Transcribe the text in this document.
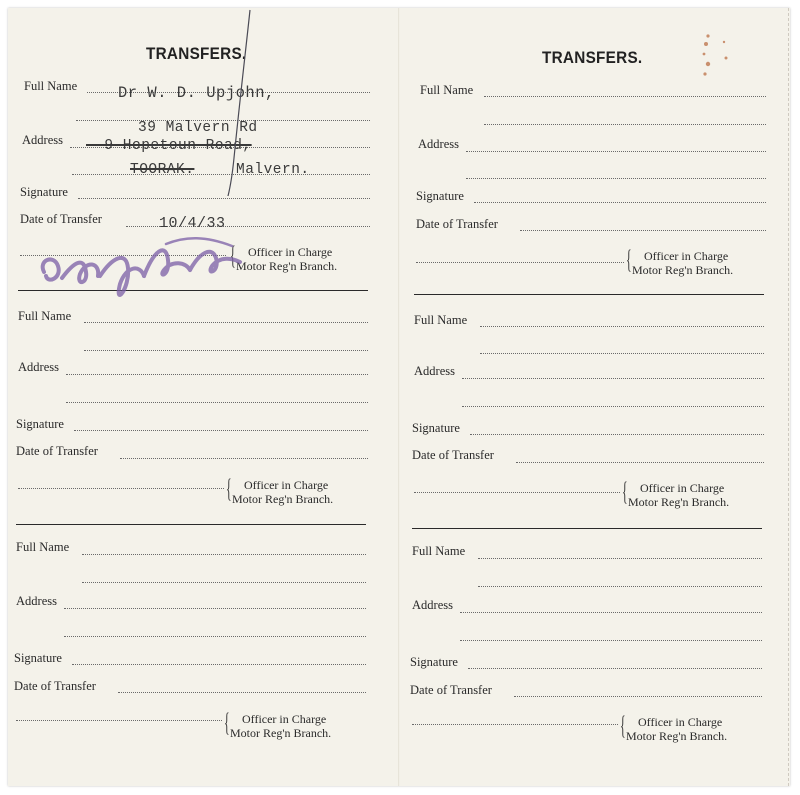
TRANSFERS.
Full Name
Address
Signature
Date of Transfer
{ Officer in Charge
Motor Reg'n Branch.
Dr W. D. Upjohn,
39 Malvern Rd
--9-Hopetoun-Road,
TOORAK.	Malvern.
10/4/33
Full Name
Address
Signature
Date of Transfer
{ Officer in Charge
Motor Reg'n Branch.
Full Name
Address
Signature
Date of Transfer
{ Officer in Charge
Motor Reg'n Branch.
TRANSFERS.
Full Name
Address
Signature
Date of Transfer
{ Officer in Charge
Motor Reg'n Branch.
Full Name
Address
Signature
Date of Transfer
{ Officer in Charge
Motor Reg'n Branch.
Full Name
Address
Signature
Date of Transfer
{ Officer in Charge
Motor Reg'n Branch.
